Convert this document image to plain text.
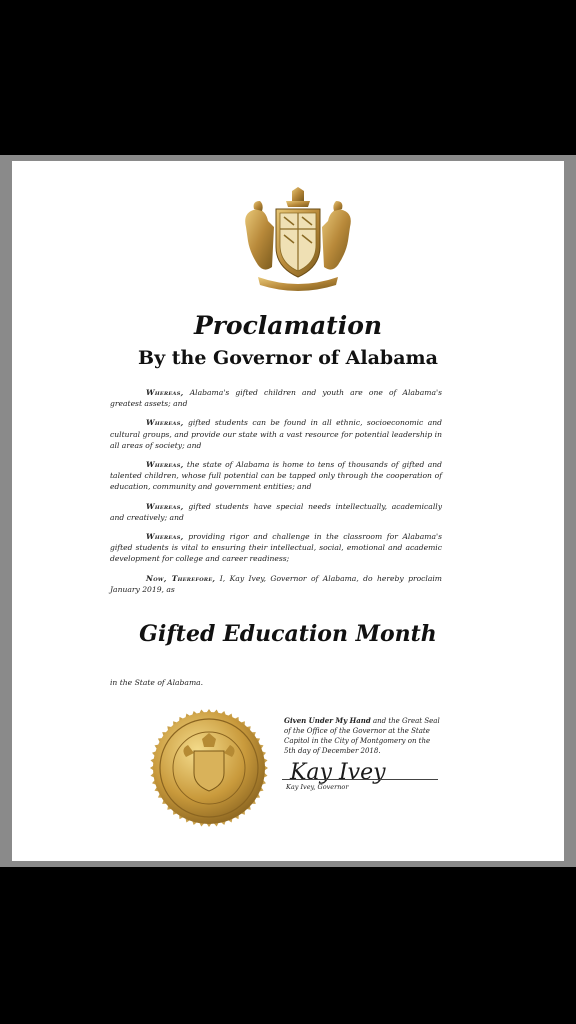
Proclamation
By the Governor of Alabama

Whereas, Alabama's gifted children and youth are one of Alabama's greatest assets; and

Whereas, gifted students can be found in all ethnic, socioeconomic and cultural groups, and provide our state with a vast resource for potential leadership in all areas of society; and

Whereas, the state of Alabama is home to tens of thousands of gifted and talented children, whose full potential can be tapped only through the cooperation of education, community and government entities; and

Whereas, gifted students have special needs intellectually, academically and creatively; and

Whereas, providing rigor and challenge in the classroom for Alabama's gifted students is vital to ensuring their intellectual, social, emotional and academic development for college and career readiness;

Now, Therefore, I, Kay Ivey, Governor of Alabama, do hereby proclaim January 2019, as

Gifted Education Month
in the State of Alabama.
Given Under My Hand and the Great Seal of the Office of the Governor at the State Capitol in the City of Montgomery on the 5th day of December 2018.
Kay Ivey
Kay Ivey, Governor
